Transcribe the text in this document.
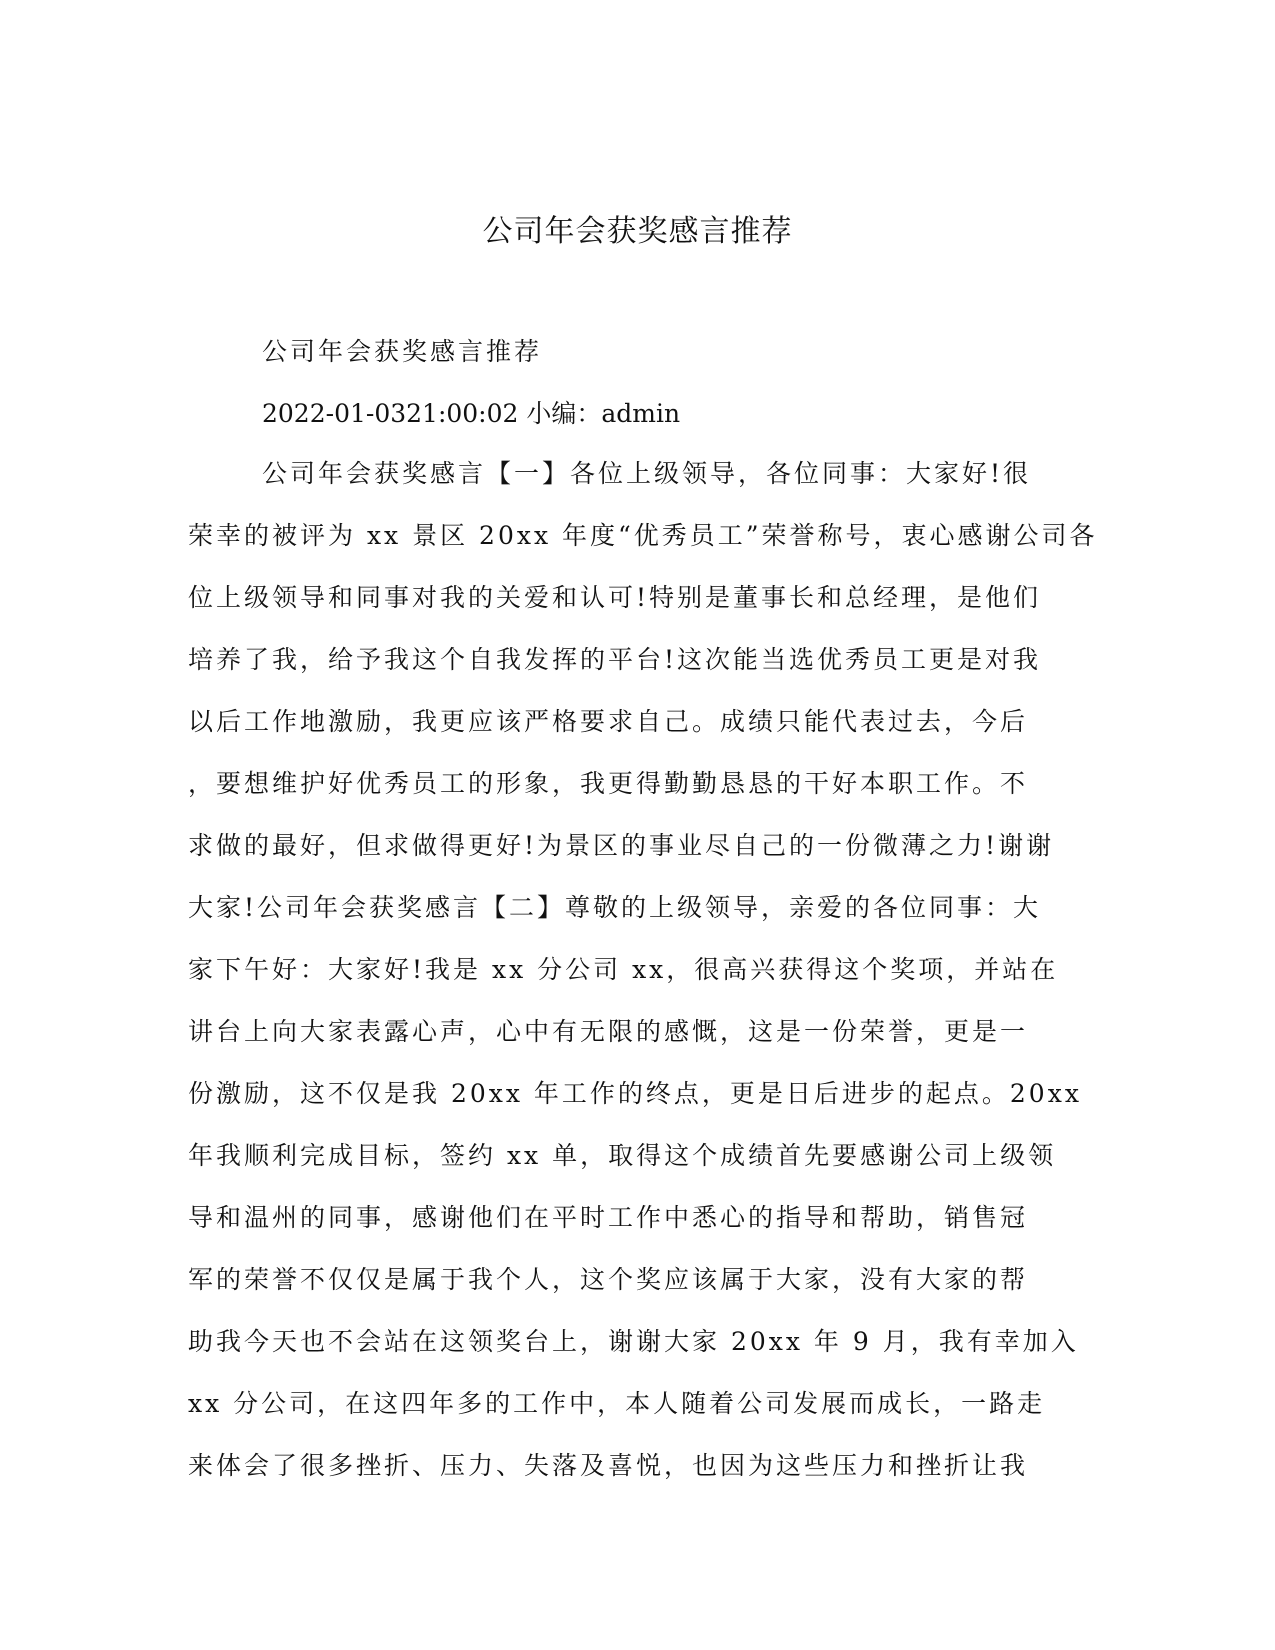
公司年会获奖感言推荐
公司年会获奖感言推荐
2022-01-0321:00:02 小编：admin
公司年会获奖感言【一】各位上级领导，各位同事：大家好!很
荣幸的被评为 xx 景区 20xx 年度“优秀员工”荣誉称号，衷心感谢公司各
位上级领导和同事对我的关爱和认可!特别是董事长和总经理，是他们
培养了我，给予我这个自我发挥的平台!这次能当选优秀员工更是对我
以后工作地激励，我更应该严格要求自己。成绩只能代表过去，今后
，要想维护好优秀员工的形象，我更得勤勤恳恳的干好本职工作。不
求做的最好，但求做得更好!为景区的事业尽自己的一份微薄之力!谢谢
大家!公司年会获奖感言【二】尊敬的上级领导，亲爱的各位同事：大
家下午好：大家好!我是 xx 分公司 xx，很高兴获得这个奖项，并站在
讲台上向大家表露心声，心中有无限的感慨，这是一份荣誉，更是一
份激励，这不仅是我 20xx 年工作的终点，更是日后进步的起点。20xx
年我顺利完成目标，签约 xx 单，取得这个成绩首先要感谢公司上级领
导和温州的同事，感谢他们在平时工作中悉心的指导和帮助，销售冠
军的荣誉不仅仅是属于我个人，这个奖应该属于大家，没有大家的帮
助我今天也不会站在这领奖台上，谢谢大家 20xx 年 9 月，我有幸加入
xx 分公司，在这四年多的工作中，本人随着公司发展而成长，一路走
来体会了很多挫折、压力、失落及喜悦，也因为这些压力和挫折让我
